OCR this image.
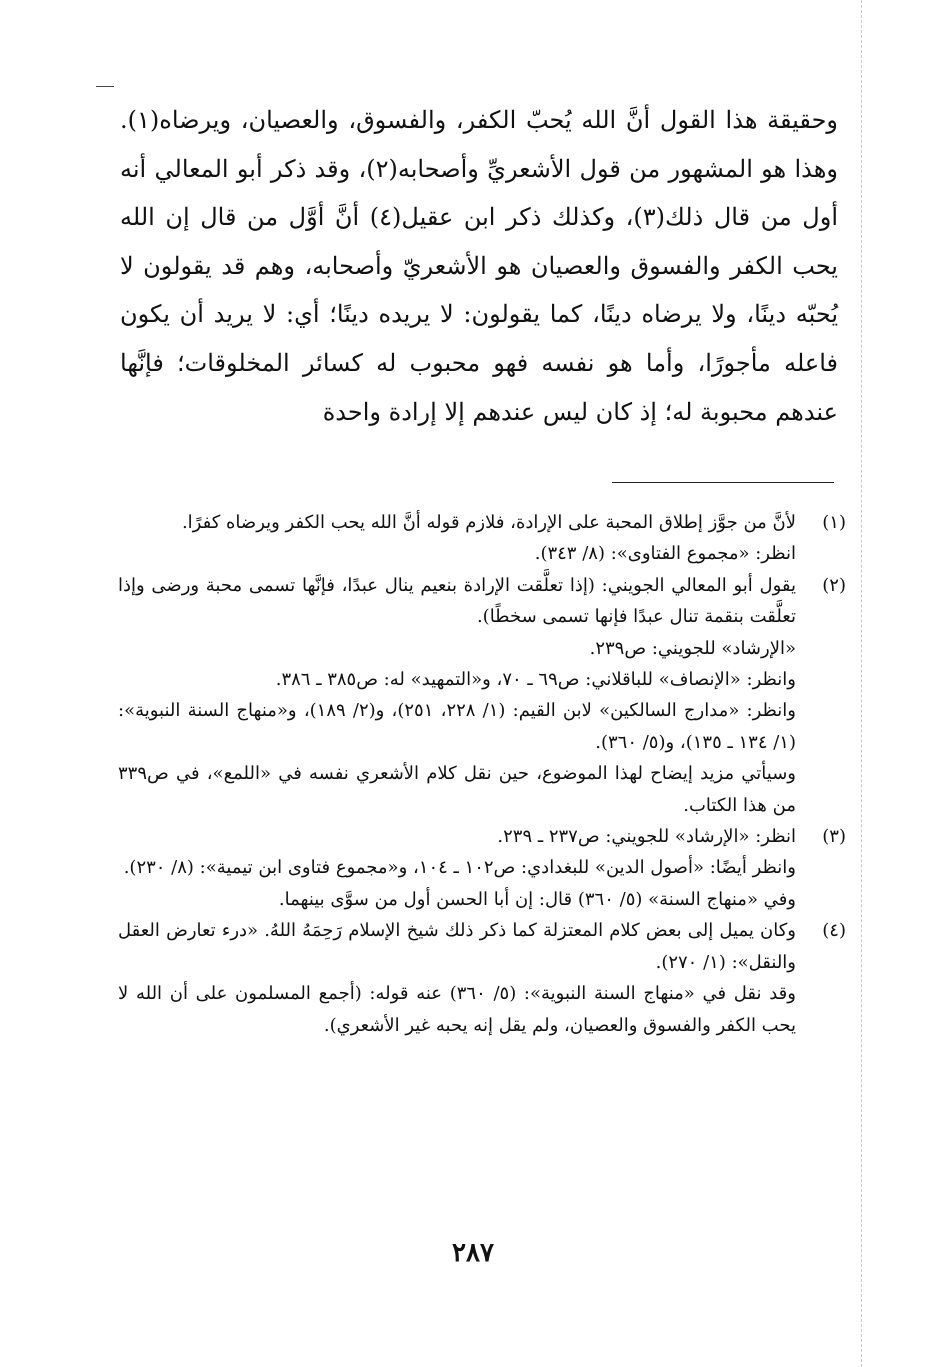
وحقيقة هذا القول أنَّ الله يُحبّ الكفر، والفسوق، والعصيان، ويرضاه(١). وهذا هو المشهور من قول الأشعريِّ وأصحابه(٢)، وقد ذكر أبو المعالي أنه أول من قال ذلك(٣)، وكذلك ذكر ابن عقيل(٤) أنَّ أوَّل من قال إن الله يحب الكفر والفسوق والعصيان هو الأشعريّ وأصحابه، وهم قد يقولون لا يُحبّه دينًا، ولا يرضاه دينًا، كما يقولون: لا يريده دينًا؛ أي: لا يريد أن يكون فاعله مأجورًا، وأما هو نفسه فهو محبوب له كسائر المخلوقات؛ فإنَّها عندهم محبوبة له؛ إذ كان ليس عندهم إلا إرادة واحدة

(١)
لأنَّ من جوَّز إطلاق المحبة على الإرادة، فلازم قوله أنَّ الله يحب الكفر ويرضاه كفرًا.
انظر: «مجموع الفتاوى»: (٨/ ٣٤٣).
(٢)
يقول أبو المعالي الجويني: (إذا تعلَّقت الإرادة بنعيم ينال عبدًا، فإنَّها تسمى محبة ورضى وإذا تعلَّقت بنقمة تنال عبدًا فإنها تسمى سخطًا).
«الإرشاد» للجويني: ص٢٣٩.
وانظر: «الإنصاف» للباقلاني: ص٦٩ ـ ٧٠، و«التمهيد» له: ص٣٨٥ ـ ٣٨٦.
وانظر: «مدارج السالكين» لابن القيم: (١/ ٢٢٨، ٢٥١)، و(٢/ ١٨٩)، و«منهاج السنة النبوية»: (١/ ١٣٤ ـ ١٣٥)، و(٥/ ٣٦٠).
وسيأتي مزيد إيضاح لهذا الموضوع، حين نقل كلام الأشعري نفسه في «اللمع»، في ص٣٣٩ من هذا الكتاب.
(٣)
انظر: «الإرشاد» للجويني: ص٢٣٧ ـ ٢٣٩.
وانظر أيضًا: «أصول الدين» للبغدادي: ص١٠٢ ـ ١٠٤، و«مجموع فتاوى ابن تيمية»: (٨/ ٢٣٠).
وفي «منهاج السنة» (٥/ ٣٦٠) قال: إن أبا الحسن أول من سوَّى بينهما.
(٤)
وكان يميل إلى بعض كلام المعتزلة كما ذكر ذلك شيخ الإسلام رَحِمَهُ اللهُ. «درء تعارض العقل والنقل»: (١/ ٢٧٠).
وقد نقل في «منهاج السنة النبوية»: (٥/ ٣٦٠) عنه قوله: (أجمع المسلمون على أن الله لا يحب الكفر والفسوق والعصيان، ولم يقل إنه يحبه غير الأشعري).
٢٨٧
